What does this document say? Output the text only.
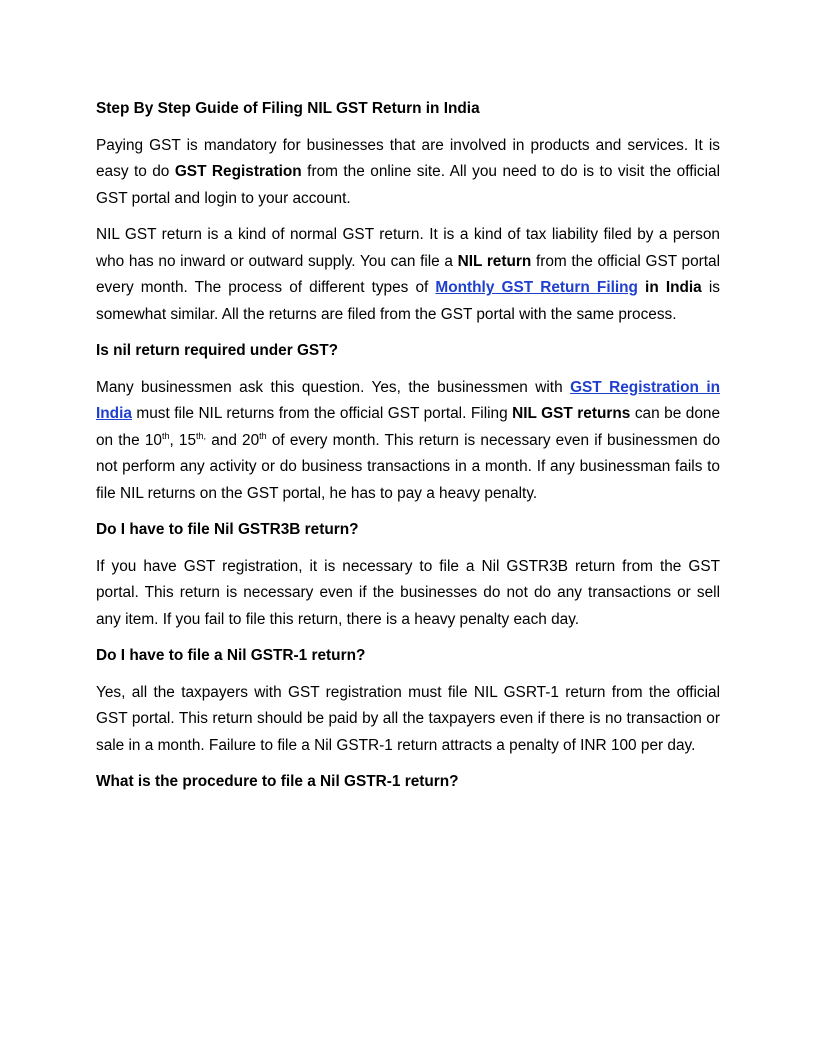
Step By Step Guide of Filing NIL GST Return in India

Paying GST is mandatory for businesses that are involved in products and services. It is easy to do GST Registration from the online site. All you need to do is to visit the official GST portal and login to your account.

NIL GST return is a kind of normal GST return. It is a kind of tax liability filed by a person who has no inward or outward supply. You can file a NIL return from the official GST portal every month. The process of different types of Monthly GST Return Filing in India is somewhat similar. All the returns are filed from the GST portal with the same process.

Is nil return required under GST?

Many businessmen ask this question. Yes, the businessmen with GST Registration in India must file NIL returns from the official GST portal. Filing NIL GST returns can be done on the 10th, $15^{th,}$ and 20th of every month. This return is necessary even if businessmen do not perform any activity or do business transactions in a month. If any businessman fails to file NIL returns on the GST portal, he has to pay a heavy penalty.

Do I have to file Nil GSTR3B return?

If you have GST registration, it is necessary to file a Nil GSTR3B return from the GST portal. This return is necessary even if the businesses do not do any transactions or sell any item. If you fail to file this return, there is a heavy penalty each day.

Do I have to file a Nil GSTR-1 return?

Yes, all the taxpayers with GST registration must file NIL GSRT-1 return from the official GST portal. This return should be paid by all the taxpayers even if there is no transaction or sale in a month. Failure to file a Nil GSTR-1 return attracts a penalty of INR 100 per day.

What is the procedure to file a Nil GSTR-1 return?
